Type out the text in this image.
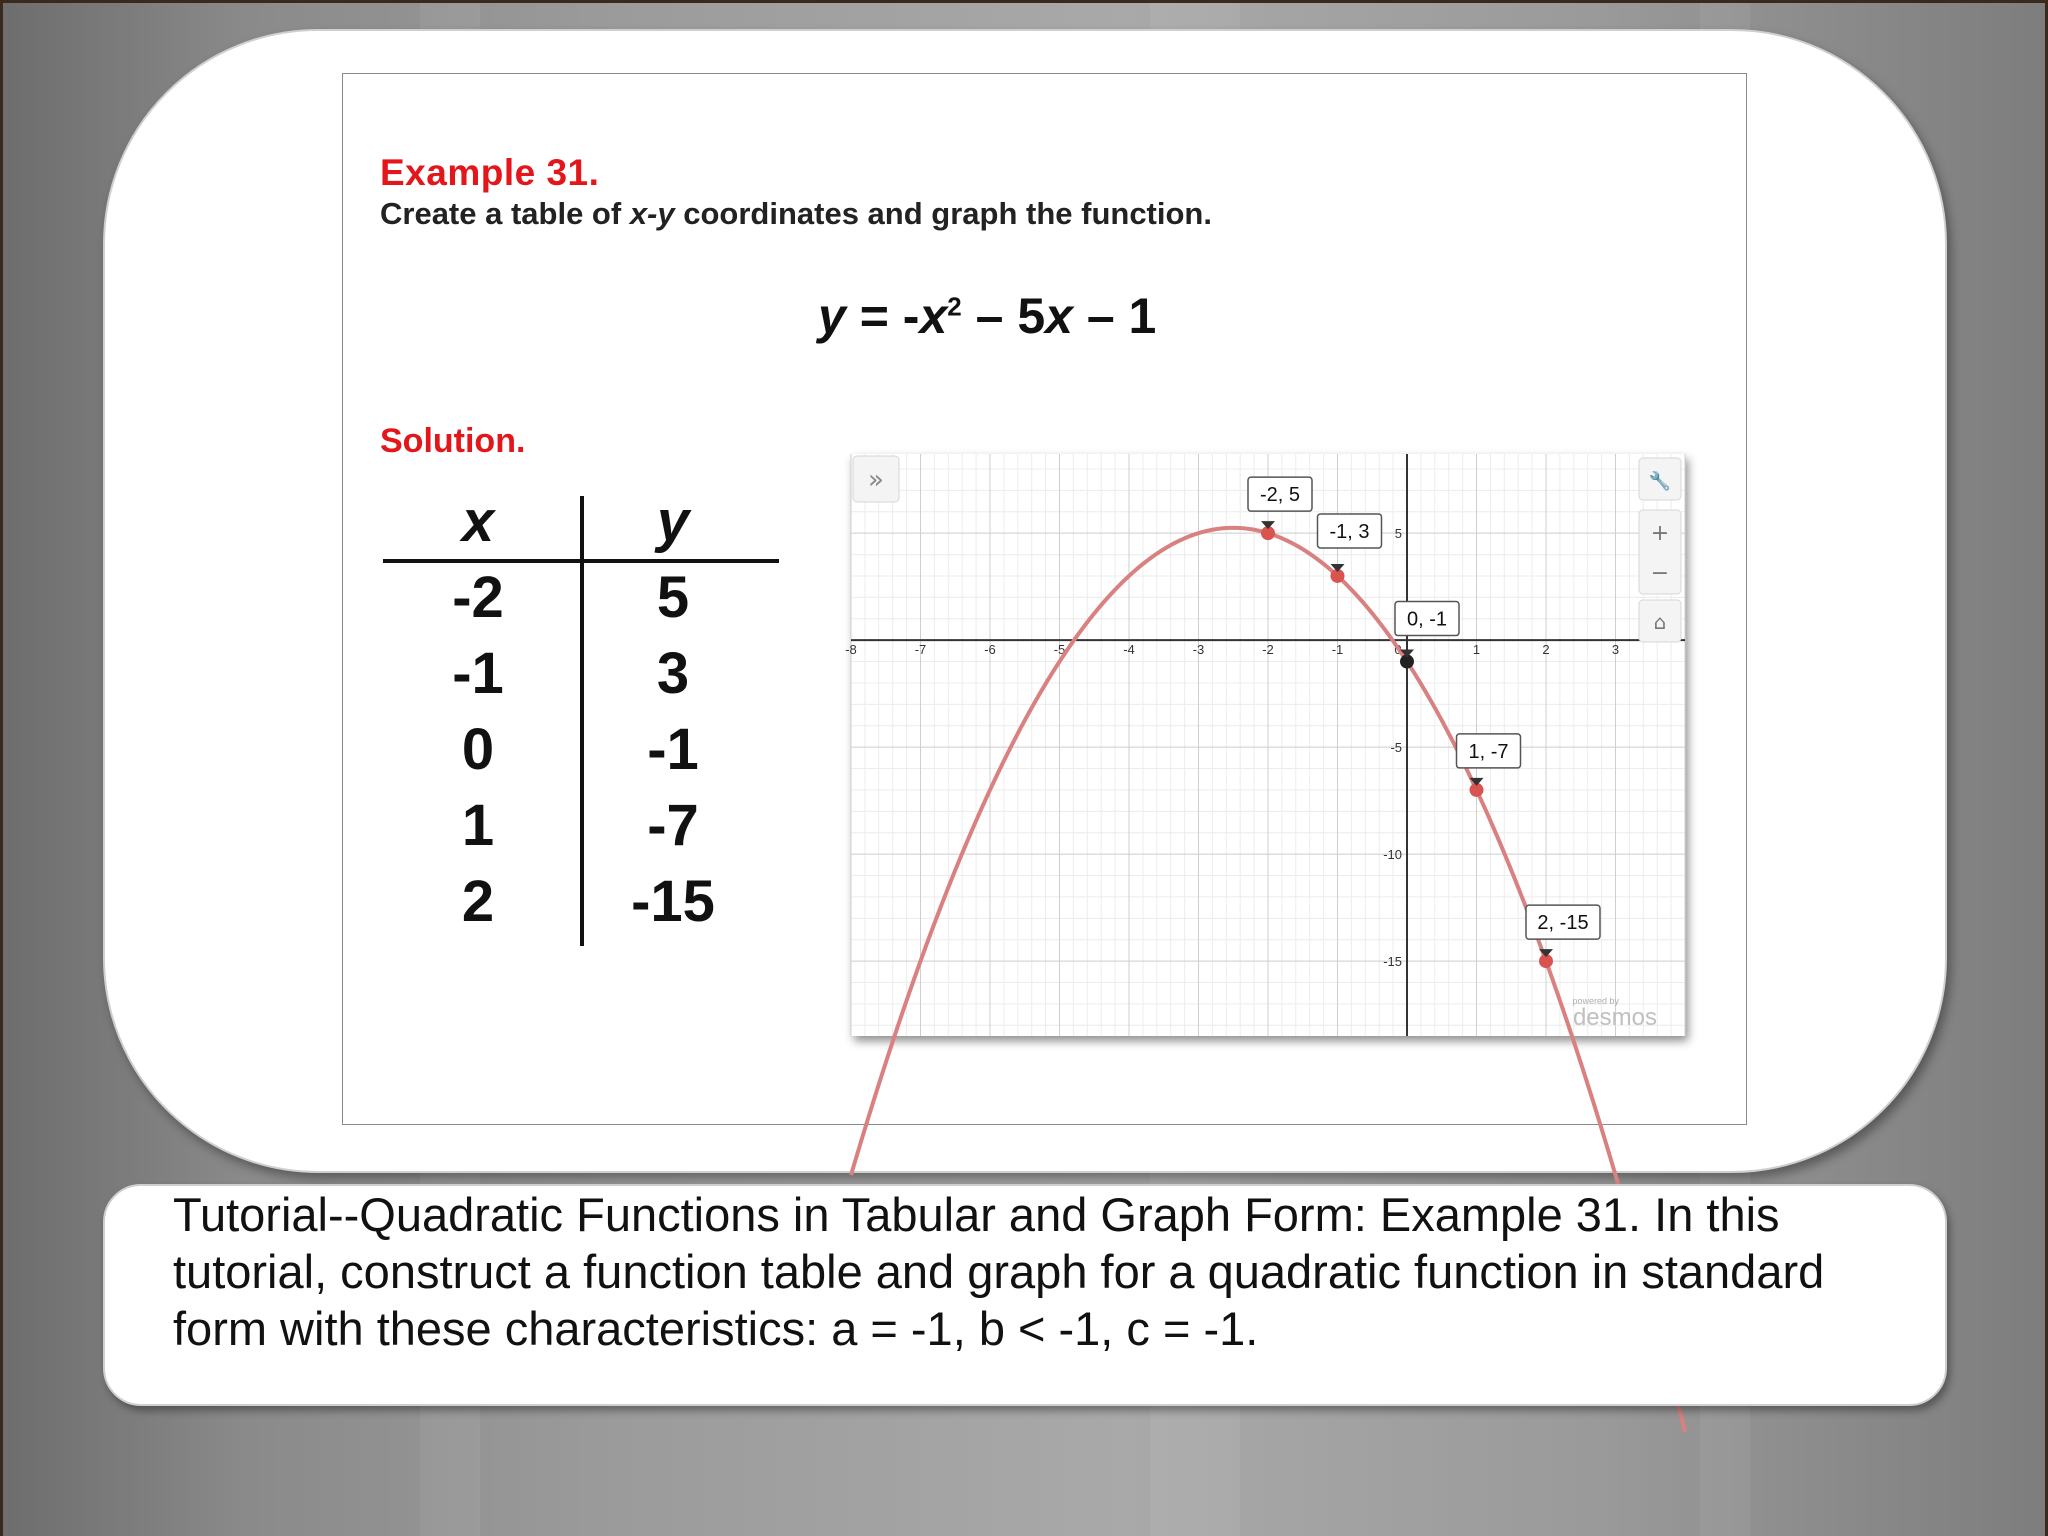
Example 31.
Create a table of x-y coordinates and graph the function.
$y = -x^2 - 5x - 1$
Solution.
x	y
-2	5
-1	3
0	-1
1	-7
2	-15
-8	-7	-6	-5	-4	-3	-2	-1	0	1	2	3
5
-5
-10
-15
-2, 5
-1, 3
0, -1
1, -7
2, -15
»	🔧
+
−
⌂
powered by
desmos
Tutorial--Quadratic Functions in Tabular and Graph Form: Example 31. In this tutorial, construct a function table and graph for a quadratic function in standard form with these characteristics: a = -1, b < -1, c = -1.
